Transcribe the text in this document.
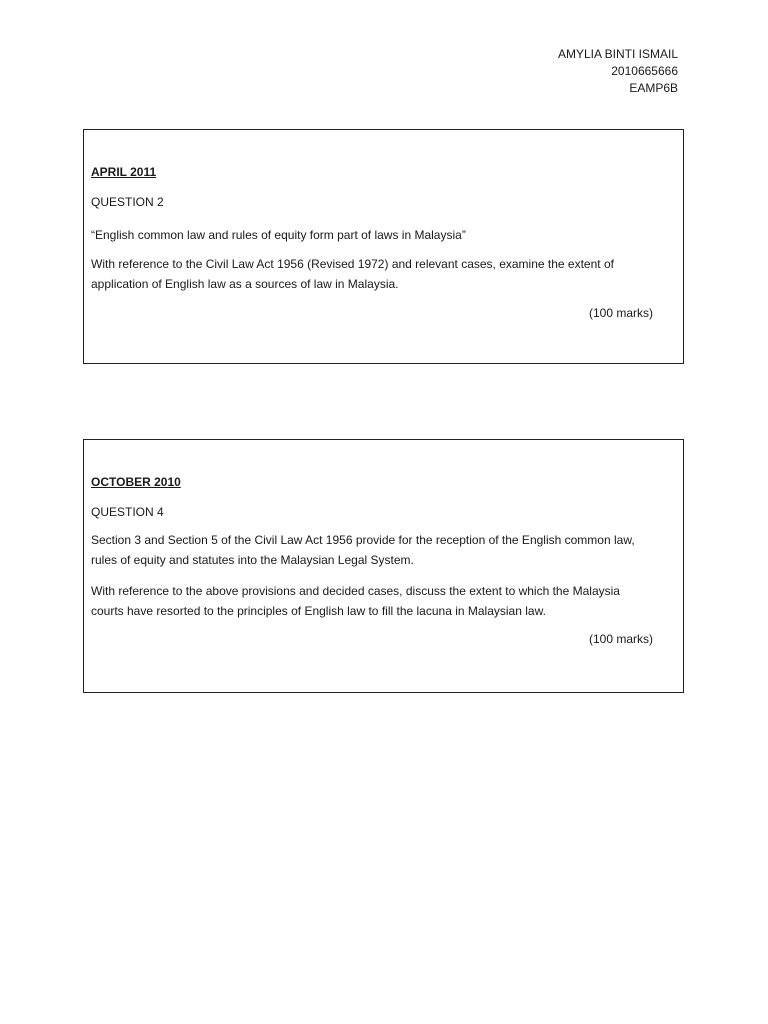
AMYLIA BINTI ISMAIL
2010665666
EAMP6B

APRIL 2011

QUESTION 2

“English common law and rules of equity form part of laws in Malaysia”

With reference to the Civil Law Act 1956 (Revised 1972) and relevant cases, examine the extent of application of English law as a sources of law in Malaysia.

(100 marks)

OCTOBER 2010

QUESTION 4

Section 3 and Section 5 of the Civil Law Act 1956 provide for the reception of the English common law, rules of equity and statutes into the Malaysian Legal System.

With reference to the above provisions and decided cases, discuss the extent to which the Malaysia courts have resorted to the principles of English law to fill the lacuna in Malaysian law.

(100 marks)
